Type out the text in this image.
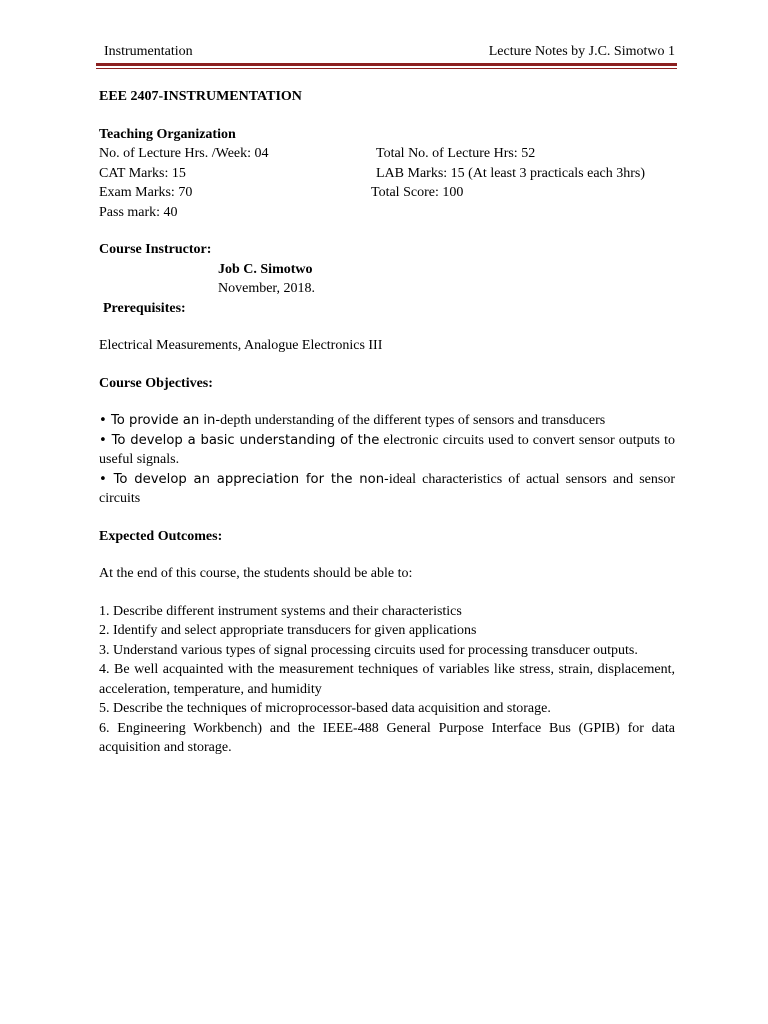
Instrumentation	Lecture Notes by J.C. Simotwo 1

EEE 2407-INSTRUMENTATION

Teaching Organization

No. of Lecture Hrs. /Week: 04	Total No. of Lecture Hrs: 52
CAT Marks: 15	LAB Marks: 15 (At least 3 practicals each 3hrs)
Exam Marks: 70	Total Score: 100
Pass mark: 40

Course Instructor:

Job C. Simotwo

November, 2018.

Prerequisites:

Electrical Measurements, Analogue Electronics III

Course Objectives:

• To provide an in-depth understanding of the different types of sensors and transducers

• To develop a basic understanding of the electronic circuits used to convert sensor outputs to useful signals.

• To develop an appreciation for the non-ideal characteristics of actual sensors and sensor circuits

Expected Outcomes:

At the end of this course, the students should be able to:

1. Describe different instrument systems and their characteristics

2. Identify and select appropriate transducers for given applications

3. Understand various types of signal processing circuits used for processing transducer outputs.

4. Be well acquainted with the measurement techniques of variables like stress, strain, displacement, acceleration, temperature, and humidity

5. Describe the techniques of microprocessor-based data acquisition and storage.

6. Engineering Workbench) and the IEEE-488 General Purpose Interface Bus (GPIB) for data acquisition and storage.
